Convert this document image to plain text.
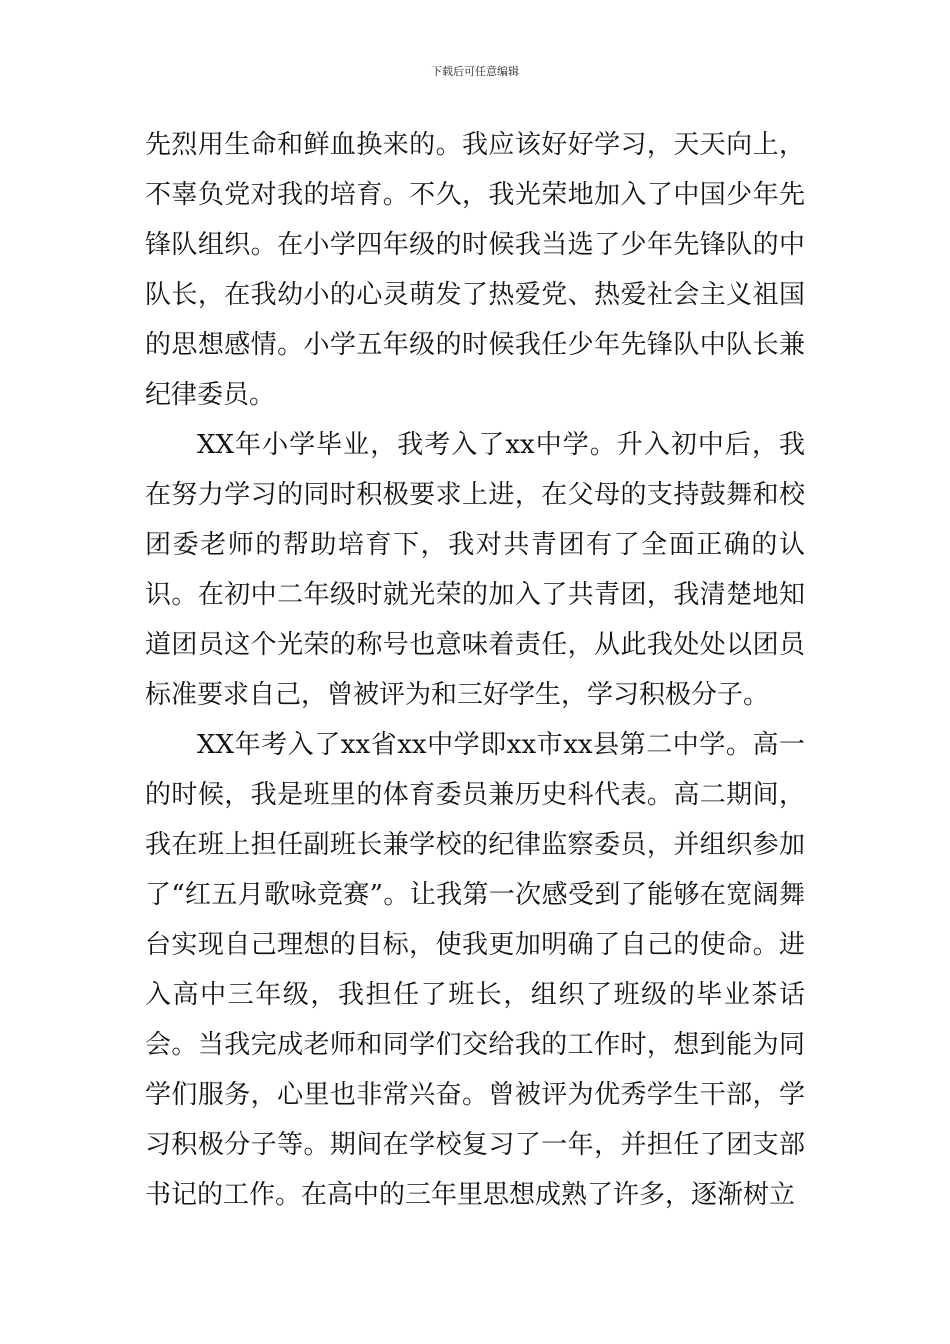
下载后可任意编辑

先烈用生命和鲜血换来的。我应该好好学习，天天向上，不辜负党对我的培育。不久，我光荣地加入了中国少年先锋队组织。在小学四年级的时候我当选了少年先锋队的中队长，在我幼小的心灵萌发了热爱党、热爱社会主义祖国的思想感情。小学五年级的时候我任少年先锋队中队长兼纪律委员。

XX年小学毕业，我考入了xx中学。升入初中后，我在努力学习的同时积极要求上进，在父母的支持鼓舞和校团委老师的帮助培育下，我对共青团有了全面正确的认识。在初中二年级时就光荣的加入了共青团，我清楚地知道团员这个光荣的称号也意味着责任，从此我处处以团员标准要求自己，曾被评为和三好学生，学习积极分子。

XX年考入了xx省xx中学即xx市xx县第二中学。高一的时候，我是班里的体育委员兼历史科代表。高二期间，我在班上担任副班长兼学校的纪律监察委员，并组织参加了“红五月歌咏竞赛”。让我第一次感受到了能够在宽阔舞台实现自己理想的目标，使我更加明确了自己的使命。进入高中三年级，我担任了班长，组织了班级的毕业茶话会。当我完成老师和同学们交给我的工作时，想到能为同学们服务，心里也非常兴奋。曾被评为优秀学生干部，学习积极分子等。期间在学校复习了一年，并担任了团支部书记的工作。在高中的三年里思想成熟了许多，逐渐树立
